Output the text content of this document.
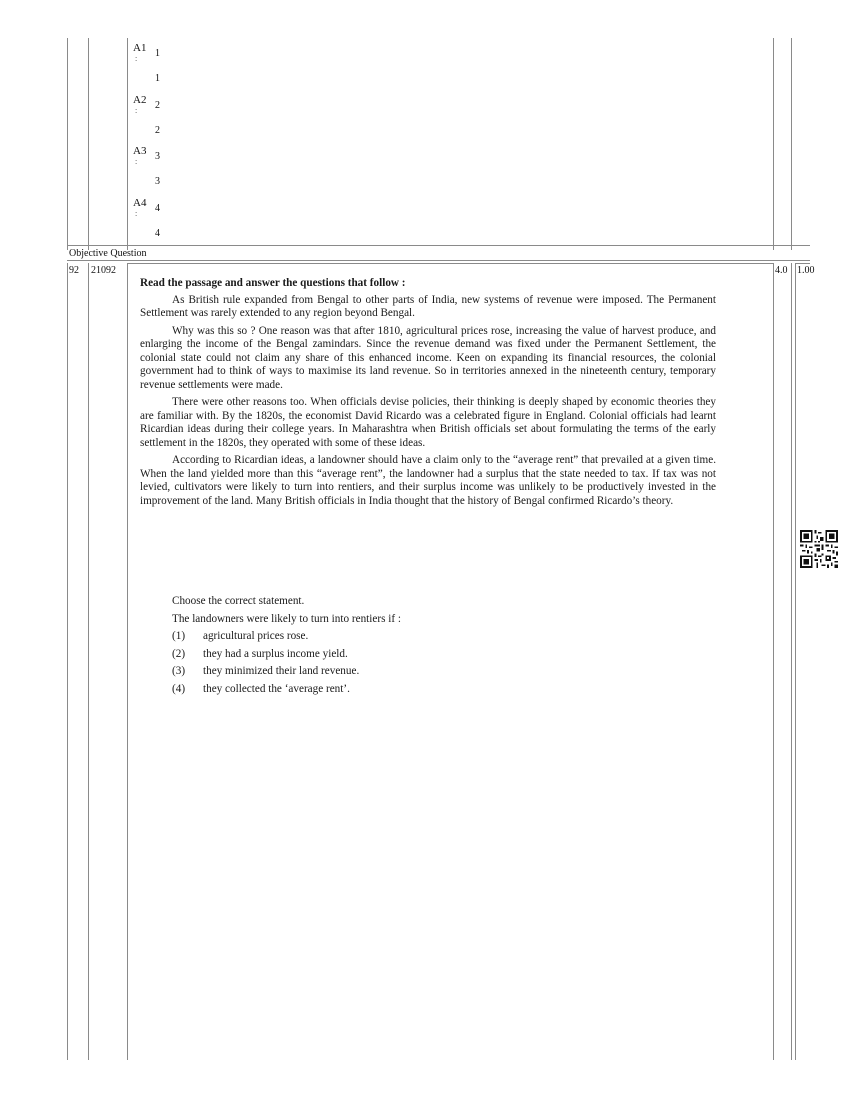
A1
: 1
1
A2
: 2
2
A3
: 3
3
A4
: 4
4
Objective Question
92 21092	4.0 1.00
Read the passage and answer the questions that follow :

As British rule expanded from Bengal to other parts of India, new systems of revenue were imposed. The Permanent Settlement was rarely extended to any region beyond Bengal.

Why was this so ? One reason was that after 1810, agricultural prices rose, increasing the value of harvest produce, and enlarging the income of the Bengal zamindars. Since the revenue demand was fixed under the Permanent Settlement, the colonial state could not claim any share of this enhanced income. Keen on expanding its financial resources, the colonial government had to think of ways to maximise its land revenue. So in territories annexed in the nineteenth century, temporary revenue settlements were made.

There were other reasons too. When officials devise policies, their thinking is deeply shaped by economic theories they are familiar with. By the 1820s, the economist David Ricardo was a celebrated figure in England. Colonial officials had learnt Ricardian ideas during their college years. In Maharashtra when British officials set about formulating the terms of the early settlement in the 1820s, they operated with some of these ideas.

According to Ricardian ideas, a landowner should have a claim only to the “average rent” that prevailed at a given time. When the land yielded more than this “average rent”, the landowner had a surplus that the state needed to tax. If tax was not levied, cultivators were likely to turn into rentiers, and their surplus income was unlikely to be productively invested in the improvement of the land. Many British officials in India thought that the history of Bengal confirmed Ricardo’s theory.

Choose the correct statement.
The landowners were likely to turn into rentiers if :
(1) agricultural prices rose.
(2) they had a surplus income yield.
(3) they minimized their land revenue.
(4) they collected the ‘average rent’.
